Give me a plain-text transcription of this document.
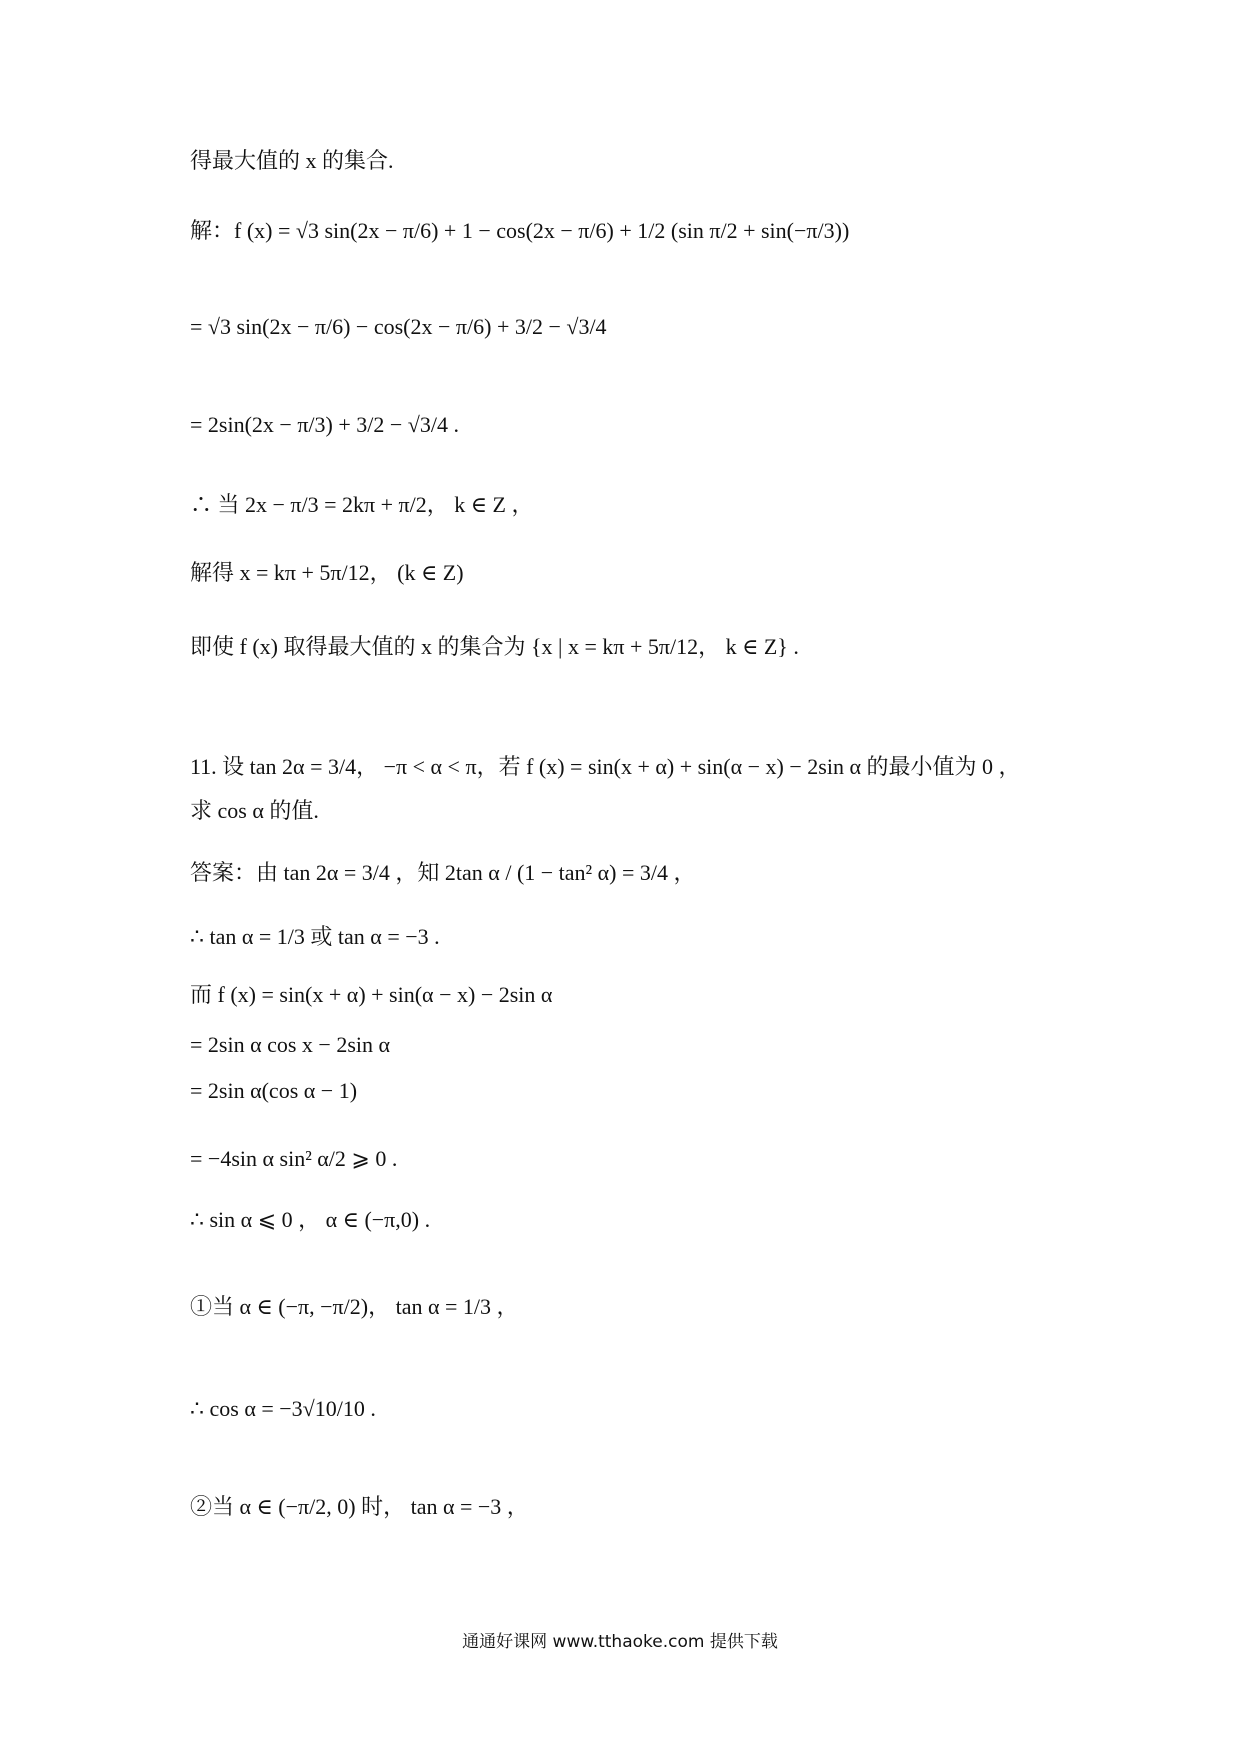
得最大值的 x 的集合.
解：f (x) = √3 sin(2x − π/6) + 1 − cos(2x − π/6) + 1/2 (sin π/2 + sin(−π/3))
= √3 sin(2x − π/6) − cos(2x − π/6) + 3/2 − √3/4
= 2sin(2x − π/3) + 3/2 − √3/4 .
∴ 当 2x − π/3 = 2kπ + π/2， k ∈ Z ，
解得 x = kπ + 5π/12， (k ∈ Z)
即使 f (x) 取得最大值的 x 的集合为 {x | x = kπ + 5π/12， k ∈ Z} .
11. 设 tan 2α = 3/4， −π < α < π，若 f (x) = sin(x + α) + sin(α − x) − 2sin α 的最小值为 0 ，
求 cos α 的值.
答案：由 tan 2α = 3/4 ，知 2tan α / (1 − tan² α) = 3/4 ，
∴ tan α = 1/3 或 tan α = −3 .
而 f (x) = sin(x + α) + sin(α − x) − 2sin α
= 2sin α cos x − 2sin α
= 2sin α(cos α − 1)
= −4sin α sin² α/2 ⩾ 0 .
∴ sin α ⩽ 0 ， α ∈ (−π,0) .
①当 α ∈ (−π, −π/2)， tan α = 1/3 ，
∴ cos α = −3√10/10 .
②当 α ∈ (−π/2, 0) 时， tan α = −3 ，
通通好课网 www.tthaoke.com 提供下载
